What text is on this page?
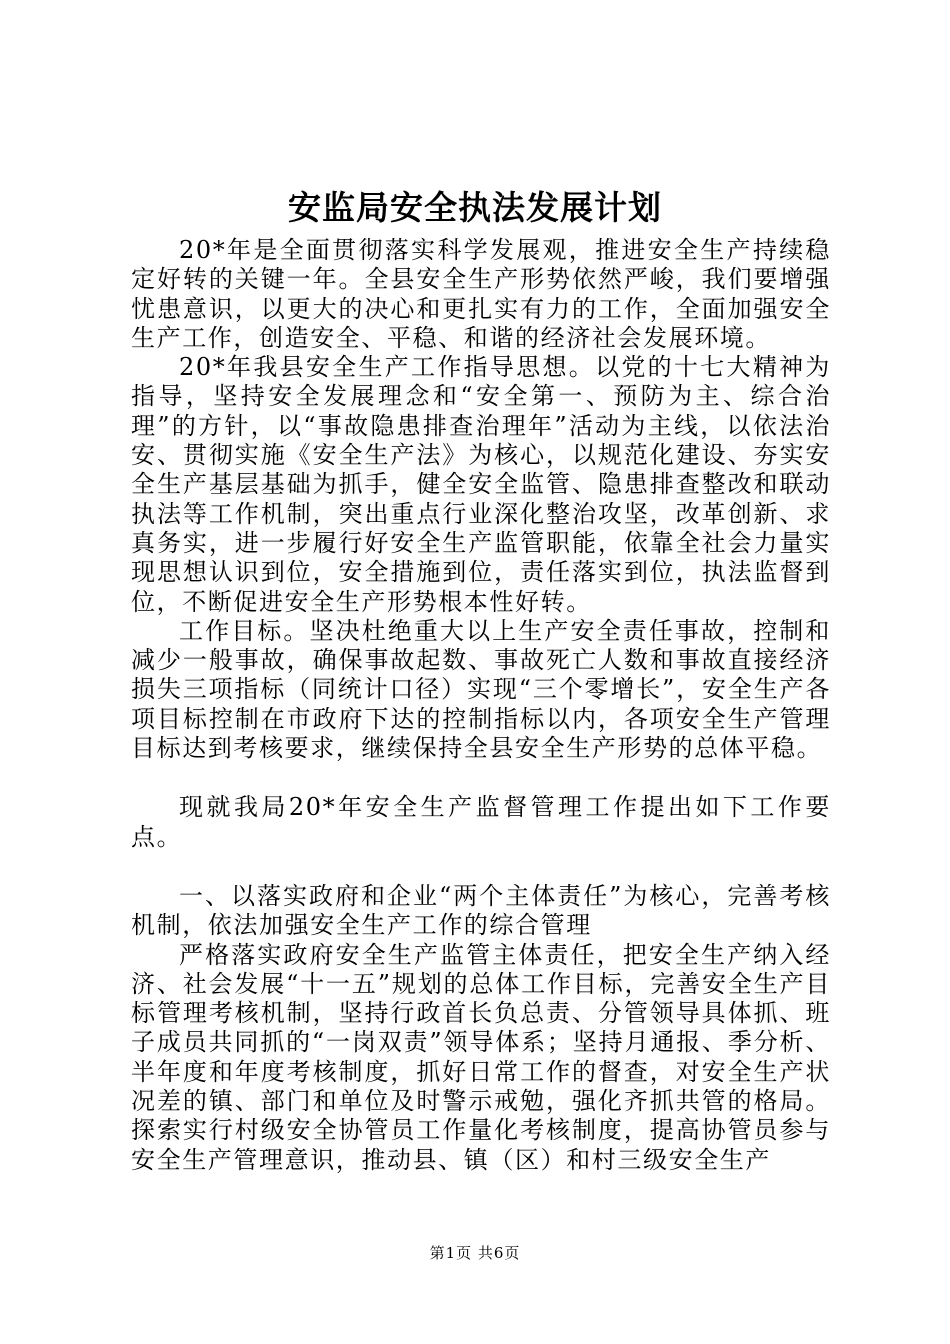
安监局安全执法发展计划

20*年是全面贯彻落实科学发展观，推进安全生产持续稳定好转的关键一年。全县安全生产形势依然严峻，我们要增强忧患意识，以更大的决心和更扎实有力的工作，全面加强安全生产工作，创造安全、平稳、和谐的经济社会发展环境。

20*年我县安全生产工作指导思想。以党的十七大精神为指导，坚持安全发展理念和“安全第一、预防为主、综合治理”的方针，以“事故隐患排查治理年”活动为主线，以依法治安、贯彻实施《安全生产法》为核心，以规范化建设、夯实安全生产基层基础为抓手，健全安全监管、隐患排查整改和联动执法等工作机制，突出重点行业深化整治攻坚，改革创新、求真务实，进一步履行好安全生产监管职能，依靠全社会力量实现思想认识到位，安全措施到位，责任落实到位，执法监督到位，不断促进安全生产形势根本性好转。

工作目标。坚决杜绝重大以上生产安全责任事故，控制和减少一般事故，确保事故起数、事故死亡人数和事故直接经济损失三项指标（同统计口径）实现“三个零增长”，安全生产各项目标控制在市政府下达的控制指标以内，各项安全生产管理目标达到考核要求，继续保持全县安全生产形势的总体平稳。

现就我局20*年安全生产监督管理工作提出如下工作要点。

一、以落实政府和企业“两个主体责任”为核心，完善考核机制，依法加强安全生产工作的综合管理

严格落实政府安全生产监管主体责任，把安全生产纳入经济、社会发展“十一五”规划的总体工作目标，完善安全生产目标管理考核机制，坚持行政首长负总责、分管领导具体抓、班子成员共同抓的“一岗双责”领导体系；坚持月通报、季分析、半年度和年度考核制度，抓好日常工作的督查，对安全生产状况差的镇、部门和单位及时警示戒勉，强化齐抓共管的格局。探索实行村级安全协管员工作量化考核制度，提高协管员参与安全生产管理意识，推动县、镇（区）和村三级安全生产

第1页 共6页
